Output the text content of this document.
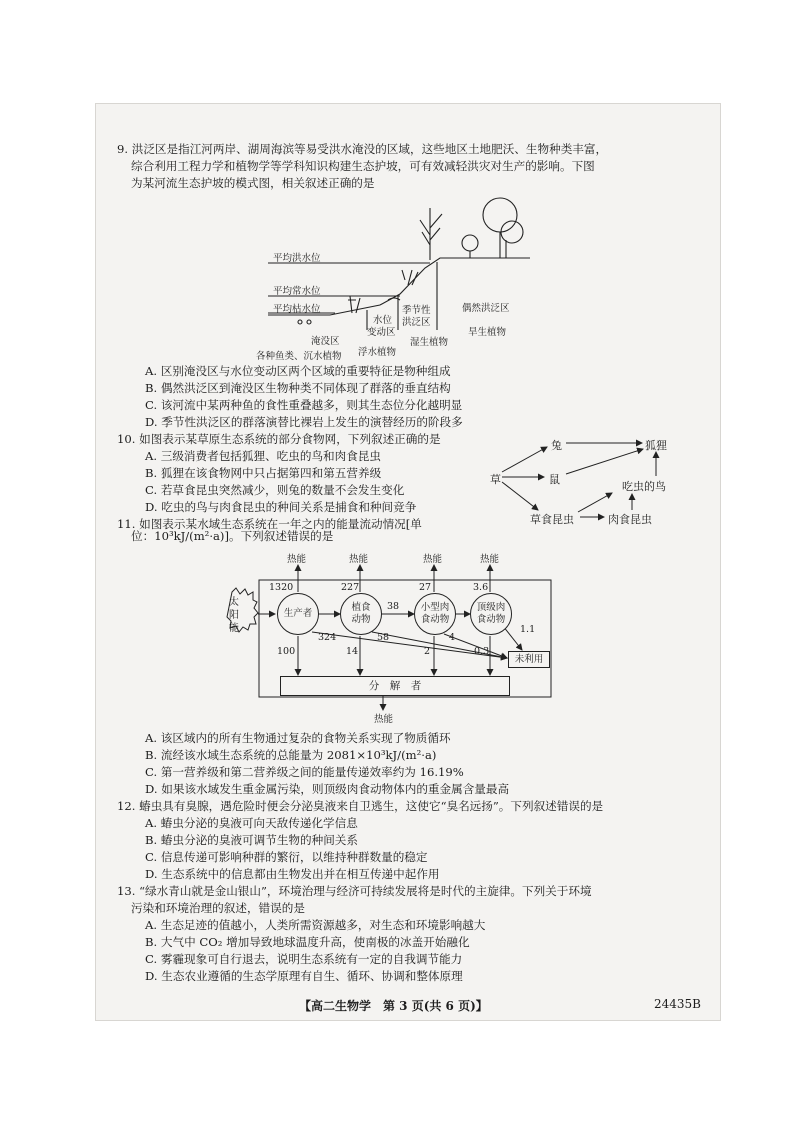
9. 洪泛区是指江河两岸、湖周海滨等易受洪水淹没的区域，这些地区土地肥沃、生物种类丰富，
综合利用工程力学和植物学等学科知识构建生态护坡，可有效减轻洪灾对生产的影响。下图
为某河流生态护坡的模式图，相关叙述正确的是
平均洪水位
平均常水位
平均枯水位
水位
变动区
季节性
洪泛区
偶然洪泛区
旱生植物
淹没区
各种鱼类、沉水植物 浮水植物
湿生植物
A. 区别淹没区与水位变动区两个区域的重要特征是物种组成
B. 偶然洪泛区到淹没区生物种类不同体现了群落的垂直结构
C. 该河流中某两种鱼的食性重叠越多，则其生态位分化越明显
D. 季节性洪泛区的群落演替比裸岩上发生的演替经历的阶段多
10. 如图表示某草原生态系统的部分食物网，下列叙述正确的是
A. 三级消费者包括狐狸、吃虫的鸟和肉食昆虫
B. 狐狸在该食物网中只占据第四和第五营养级
C. 若草食昆虫突然减少，则兔的数量不会发生变化
D. 吃虫的鸟与肉食昆虫的种间关系是捕食和种间竞争
草
兔
鼠
狐狸
吃虫的鸟
草食昆虫	肉食昆虫
11. 如图表示某水域生态系统在一年之内的能量流动情况[单
位：10³kJ/(m²·a)]。下列叙述错误的是
太
阳
能
热能	热能	热能	热能
生产者
植食
动物
小型肉
食动物
顶级肉
食动物
未利用
分　解　者
热能
1320	227	27	3.6
38
324	58	4
1.1
100	14	2	0.3
A. 该区域内的所有生物通过复杂的食物关系实现了物质循环
B. 流经该水域生态系统的总能量为 2081×10³kJ/(m²·a)
C. 第一营养级和第二营养级之间的能量传递效率约为 16.19%
D. 如果该水域发生重金属污染，则顶级肉食动物体内的重金属含量最高
12. 蝽虫具有臭腺，遇危险时便会分泌臭液来自卫逃生，这使它“臭名远扬”。下列叙述错误的是
A. 蝽虫分泌的臭液可向天敌传递化学信息
B. 蝽虫分泌的臭液可调节生物的种间关系
C. 信息传递可影响种群的繁衍，以维持种群数量的稳定
D. 生态系统中的信息都由生物发出并在相互传递中起作用
13. “绿水青山就是金山银山”，环境治理与经济可持续发展将是时代的主旋律。下列关于环境
污染和环境治理的叙述，错误的是
A. 生态足迹的值越小，人类所需资源越多，对生态和环境影响越大
B. 大气中 CO₂ 增加导致地球温度升高，使南极的冰盖开始融化
C. 雾霾现象可自行退去，说明生态系统有一定的自我调节能力
D. 生态农业遵循的生态学原理有自生、循环、协调和整体原理
【高二生物学　第 3 页(共 6 页)】	24435B
